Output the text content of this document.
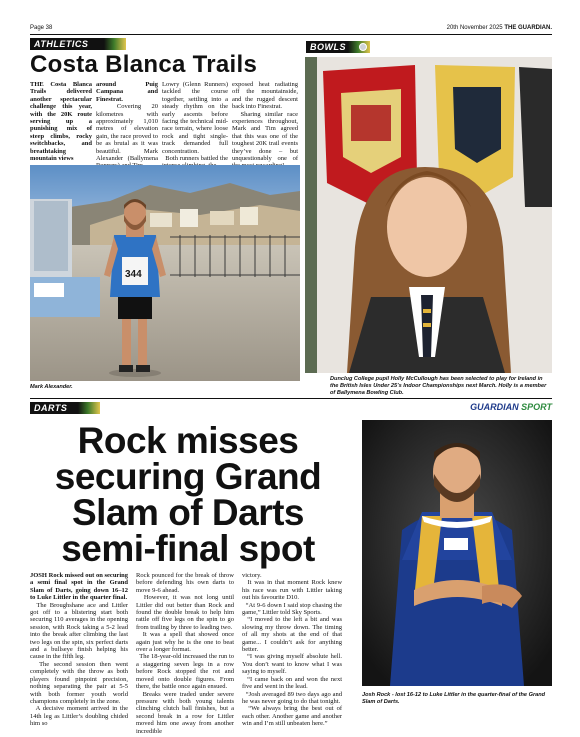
Page 38	20th November 2025 THE GUARDIAN.
ATHLETICS
Costa Blanca Trails

THE Costa Blanca Trails delivered another spectacular challenge this year, with the 20K route serving up a punishing mix of steep climbs, rocky switchbacks, and breathtaking mountain views

around Puig Campana and Finestrat.

Covering 20 kilometres with approximately 1,010 metres of elevation gain, the race proved to be as brutal as it was beautiful. Mark Alexander (Ballymena

Lowry (Glenn Runners) tackled the course together, settling into a steady rhythm on the early ascents before facing the technical mid-race terrain, where loose rock and tight single-track demanded full concentration.

Both runners battled the

exposed heat radiating off the mountainside, and the rugged descent back into Finestrat.

Sharing similar race experiences throughout, Mark and Tim agreed that this was one of the toughest 20K trail events they’ve done – but unquestionably one of

344
Mark Alexander.
BOWLS
Dunclug College pupil Holly McCullough has been selected to play for Ireland in the British Isles Under 25’s Indoor Championships next March. Holly is a member of Ballymena Bowling Club.
DARTS	GUARDIAN SPORT
Rock misses
securing Grand
Slam of Darts
semi-final spot

JOSH Rock missed out on securing a semi final spot in the Grand Slam of Darts, going down 16–12 to Luke Littler in the quarter final.

The Broughshane ace and Littler got off to a blistering start both securing 110 averages in the opening session, with Rock taking a 5-2 lead into the break after climbing the last two legs on the spin, six perfect darts and a bullseye finish helping his cause in the fifth leg.

The second session then went completely with the throw as both players found pinpoint precision, nothing separating the pair at 5-5 with both former youth world champions completely in the zone.

A decisive moment arrived in the 14th leg as Littler’s doubling chided him so

Rock pounced for the break of throw before defending his own darts to move 9-6 ahead.

However, it was not long until Littler did out better than Rock and found the double break to help him rattle off five legs on the spin to go from trailing by three to leading two.

It was a spell that showed once again just why he is the one to beat over a longer format.

The 18-year-old increased the run to a staggering seven legs in a row before Rock stopped the rot and moved onto double figures. From there, the battle once again ensued.

Breaks were traded under severe pressure with both young talents clinching clutch ball finishes, but a second break in a row for Littler moved him one away from another incredible

victory.

It was in that moment Rock knew his race was run with Littler taking out his favourite D10.

“At 9-6 down I said stop chasing the game,” Littler told Sky Sports.

“I moved to the left a bit and was slowing my throw down. The timing of all my shots at the end of that game... I couldn’t ask for anything better.

“I was giving myself absolute hell. You don’t want to know what I was saying to myself.

“I came back on and won the next five and went in the lead.

“Josh averaged 89 two days ago and he was never going to do that tonight.

“We always bring the best out of each other. Another game and another win and I’m still unbeaten here.”

Josh Rock - lost 16-12 to Luke Littler in the quarter-final of the Grand Slam of Darts.
